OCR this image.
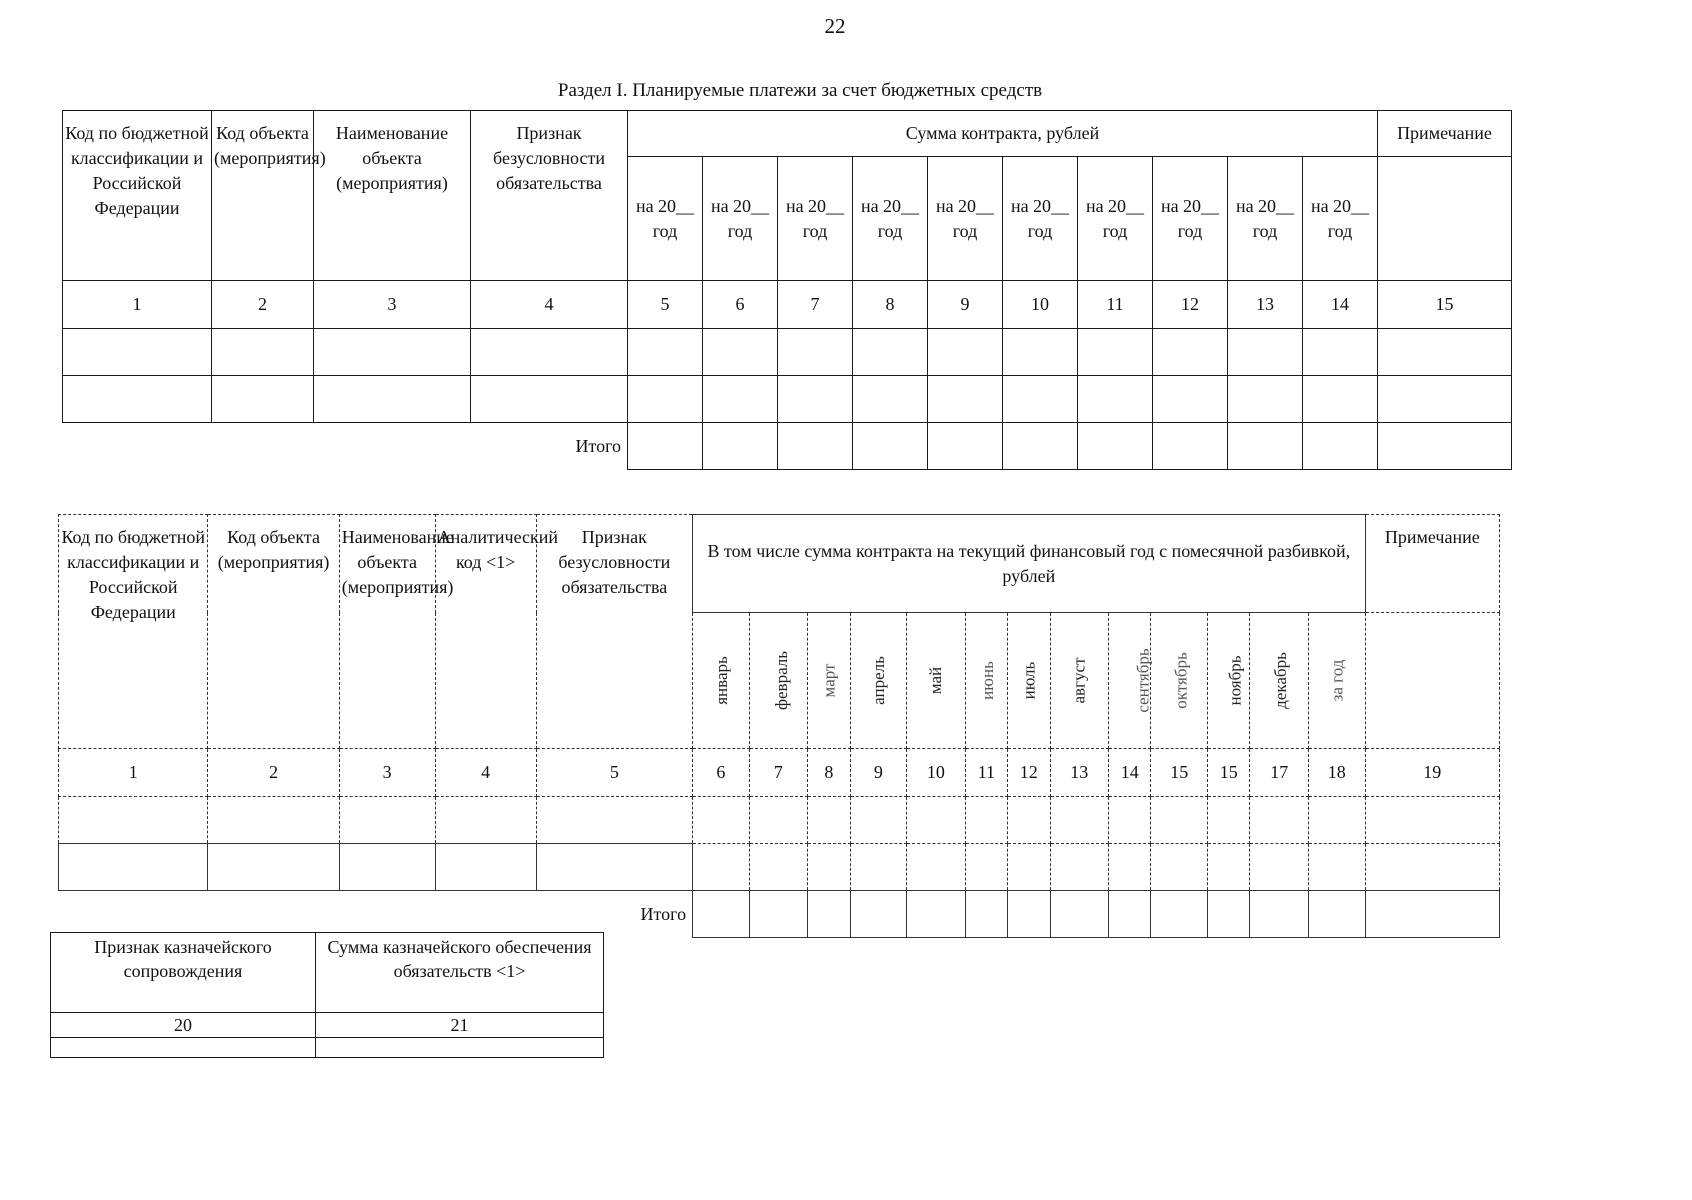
22
Раздел I. Планируемые платежи за счет бюджетных средств
Код по бюджетной классификации и Российской Федерации	Код объекта (мероприятия)	Наименование объекта (мероприятия)	Признак безусловности обязательства	Сумма контракта, рублей										Примечание
				на 20__ год	на 20__ год	на 20__ год	на 20__ год	на 20__ год	на 20__ год	на 20__ год	на 20__ год	на 20__ год	на 20__ год	
1	2	3	4	5	6	7	8	9	10	11	12	13	14	15

Итого														
Код по бюджетной классификации и Российской Федерации	Код объекта (мероприятия)	Наименование объекта (мероприятия)	Аналитический код <1>	Признак безусловности обязательства	В том числе сумма контракта на текущий финансовый год с помесячной разбивкой, рублей													Примечание
					январь	февраль	март	апрель	май	июнь	июль	август	сентябрь	октябрь	ноябрь	декабрь	за год	
1	2	3	4	5	6	7	8	9	10	11	12	13	14	15	15	17	18	19

Итого																		
Признак казначейского сопровождения	Сумма казначейского обеспечения обязательств <1>
20	21
